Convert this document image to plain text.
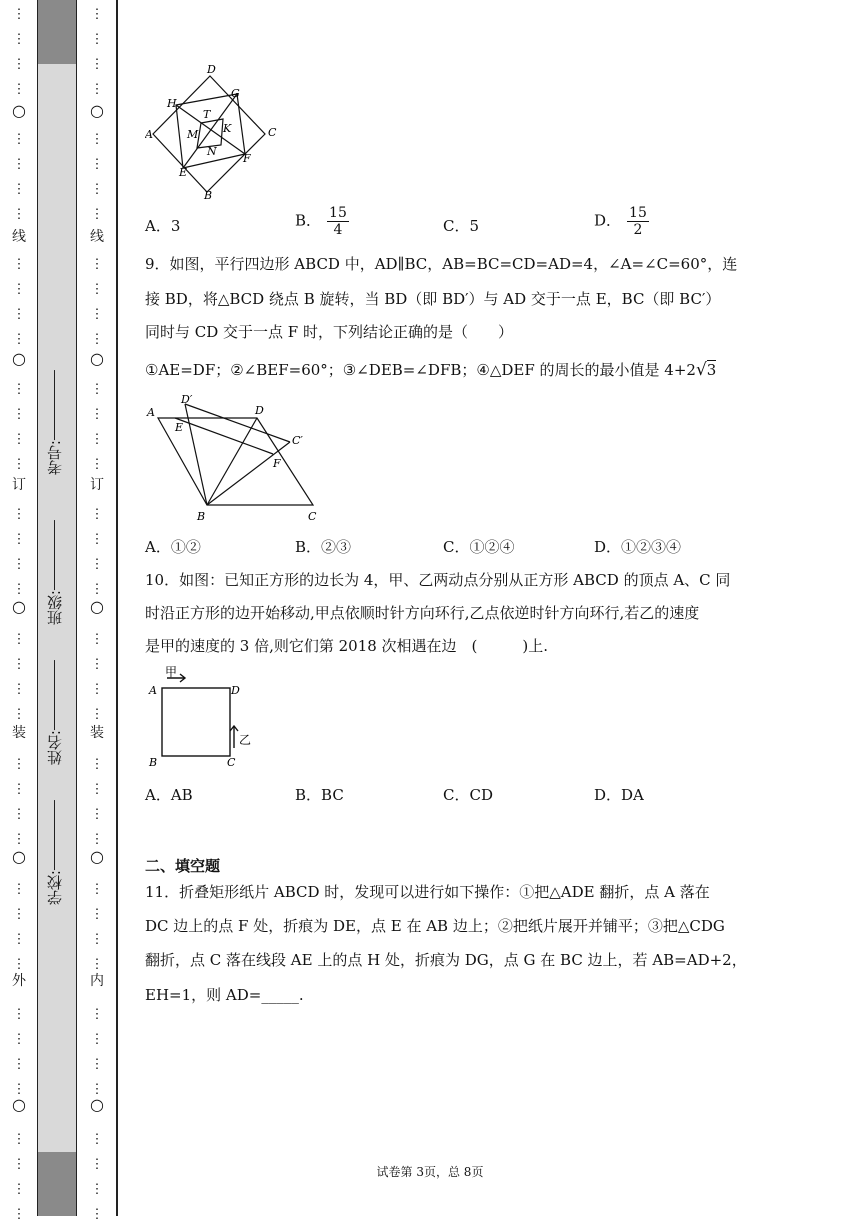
⋮
⋮
⋮
⋮
⋮
⋮
⋮
⋮
⋮
⋮
⋮
⋮
⋮
⋮
⋮
⋮
⋮
⋮
⋮
⋮
⋮
⋮
⋮
⋮
⋮
⋮
⋮
⋮
⋮
⋮
⋮
⋮
⋮
⋮
⋮
⋮
⋮
⋮
⋮
⋮
○
○
○
○
○
线
订
装
外
学校:
姓名:
班级:
考号:
⋮
⋮
⋮
⋮
⋮
⋮
⋮
⋮
⋮
⋮
⋮
⋮
⋮
⋮
⋮
⋮
⋮
⋮
⋮
⋮
⋮
⋮
⋮
⋮
⋮
⋮
⋮
⋮
⋮
⋮
⋮
⋮
⋮
⋮
⋮
⋮
⋮
⋮
⋮
⋮
○
○
○
○
○
线
订
装
内
D
H
G
T
A	K	C
M
N
E
F
B
A．3	B． $\frac{15}{4}$	C．5	D． $\frac{15}{2}$
9．如图，平行四边形 ABCD 中，AD∥BC，AB=BC=CD=AD=4，∠A=∠C=60°，连
接 BD，将△BCD 绕点 B 旋转，当 BD（即 BD′）与 AD 交于一点 E，BC（即 BC′）
同时与 CD 交于一点 F 时，下列结论正确的是（　　）
①AE=DF；②∠BEF=60°；③∠DEB=∠DFB；④△DEF 的周长的最小值是 4+2√3
A
D′
D
E
C′
F
B	C
A．①②	B．②③	C．①②④	D．①②③④
10．如图：已知正方形的边长为 4，甲、乙两动点分别从正方形 ABCD 的顶点 A、C 同
时沿正方形的边开始移动,甲点依顺时针方向环行,乙点依逆时针方向环行,若乙的速度
是甲的速度的 3 倍,则它们第 2018 次相遇在边　(　　　)上.
甲
A	D
乙
B	C
A．AB	B．BC	C．CD	D．DA
二、填空题
11．折叠矩形纸片 ABCD 时，发现可以进行如下操作：①把△ADE 翻折，点 A 落在
DC 边上的点 F 处，折痕为 DE，点 E 在 AB 边上；②把纸片展开并铺平；③把△CDG
翻折，点 C 落在线段 AE 上的点 H 处，折痕为 DG，点 G 在 BC 边上，若 AB=AD+2，
EH=1，则 AD=_____.
试卷第 3页，总 8页
